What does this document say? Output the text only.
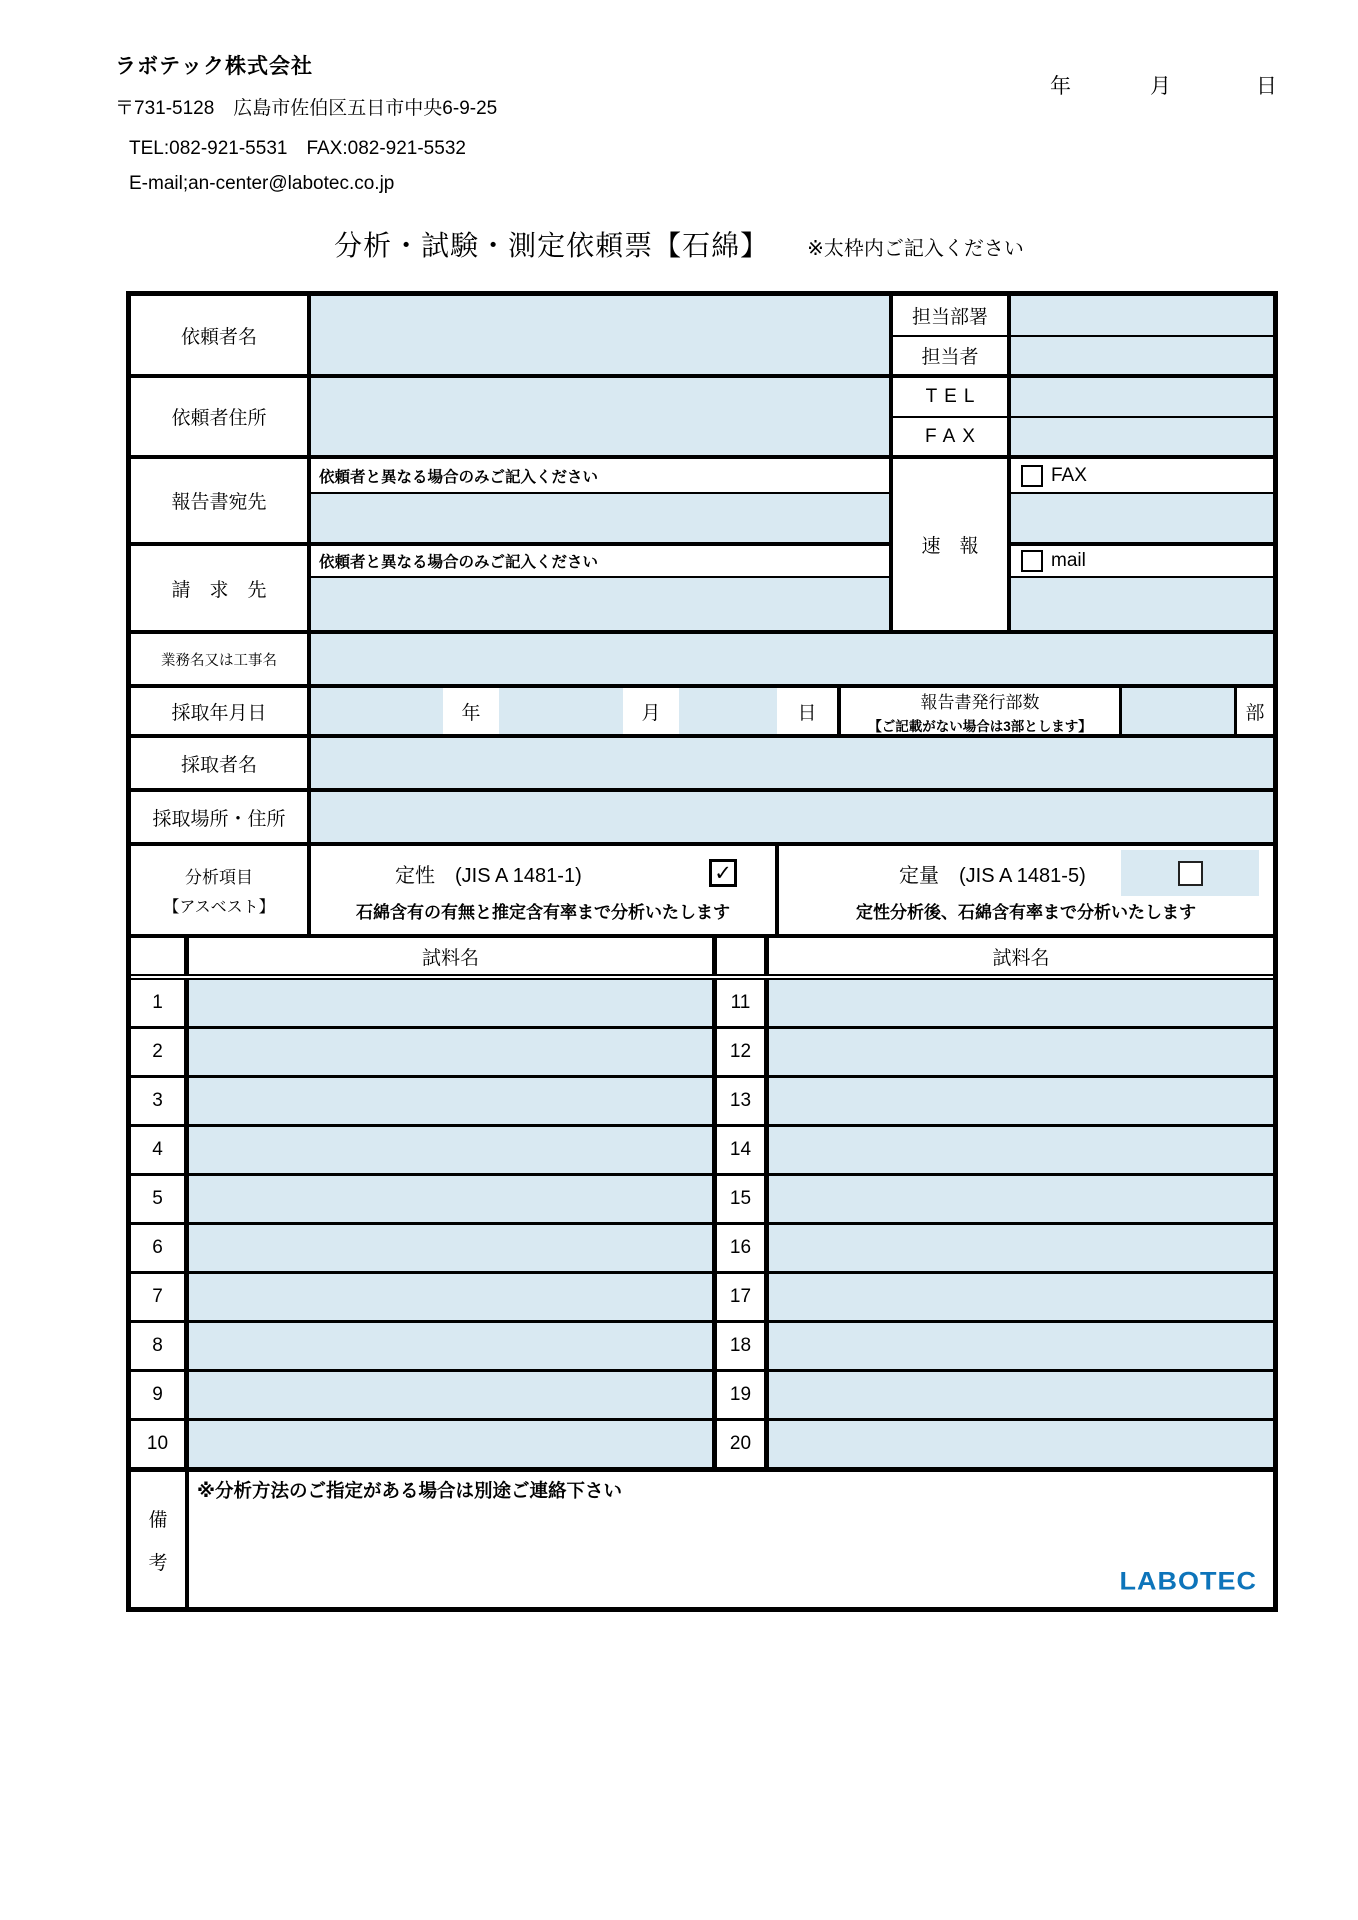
ラボテック株式会社
〒731-5128　広島市佐伯区五日市中央6-9-25
TEL:082-921-5531　FAX:082-921-5532
E-mail;an-center@labotec.co.jp
年	月	日
分析・試験・測定依頼票【石綿】 ※太枠内ご記入ください
依頼者名
依頼者住所
報告書宛先
請　求　先
依頼者と異なる場合のみご記入ください
依頼者と異なる場合のみご記入ください
担当部署
担当者
TEL
FAX
速　報
FAX
mail
業務名又は工事名
採取年月日	年	月	日
報告書発行部数
【ご記載がない場合は3部とします】
部
採取者名
採取場所・住所
分析項目
【アスベスト】
定性　(JIS A 1481-1)	✓
石綿含有の有無と推定含有率まで分析いたします
定量　(JIS A 1481-5)
定性分析後、石綿含有率まで分析いたします
試料名	試料名
1	11
2	12
3	13
4	14
5	15
6	16
7	17
8	18
9	19
10	20
備
考
※分析方法のご指定がある場合は別途ご連絡下さい
LABOTEC
